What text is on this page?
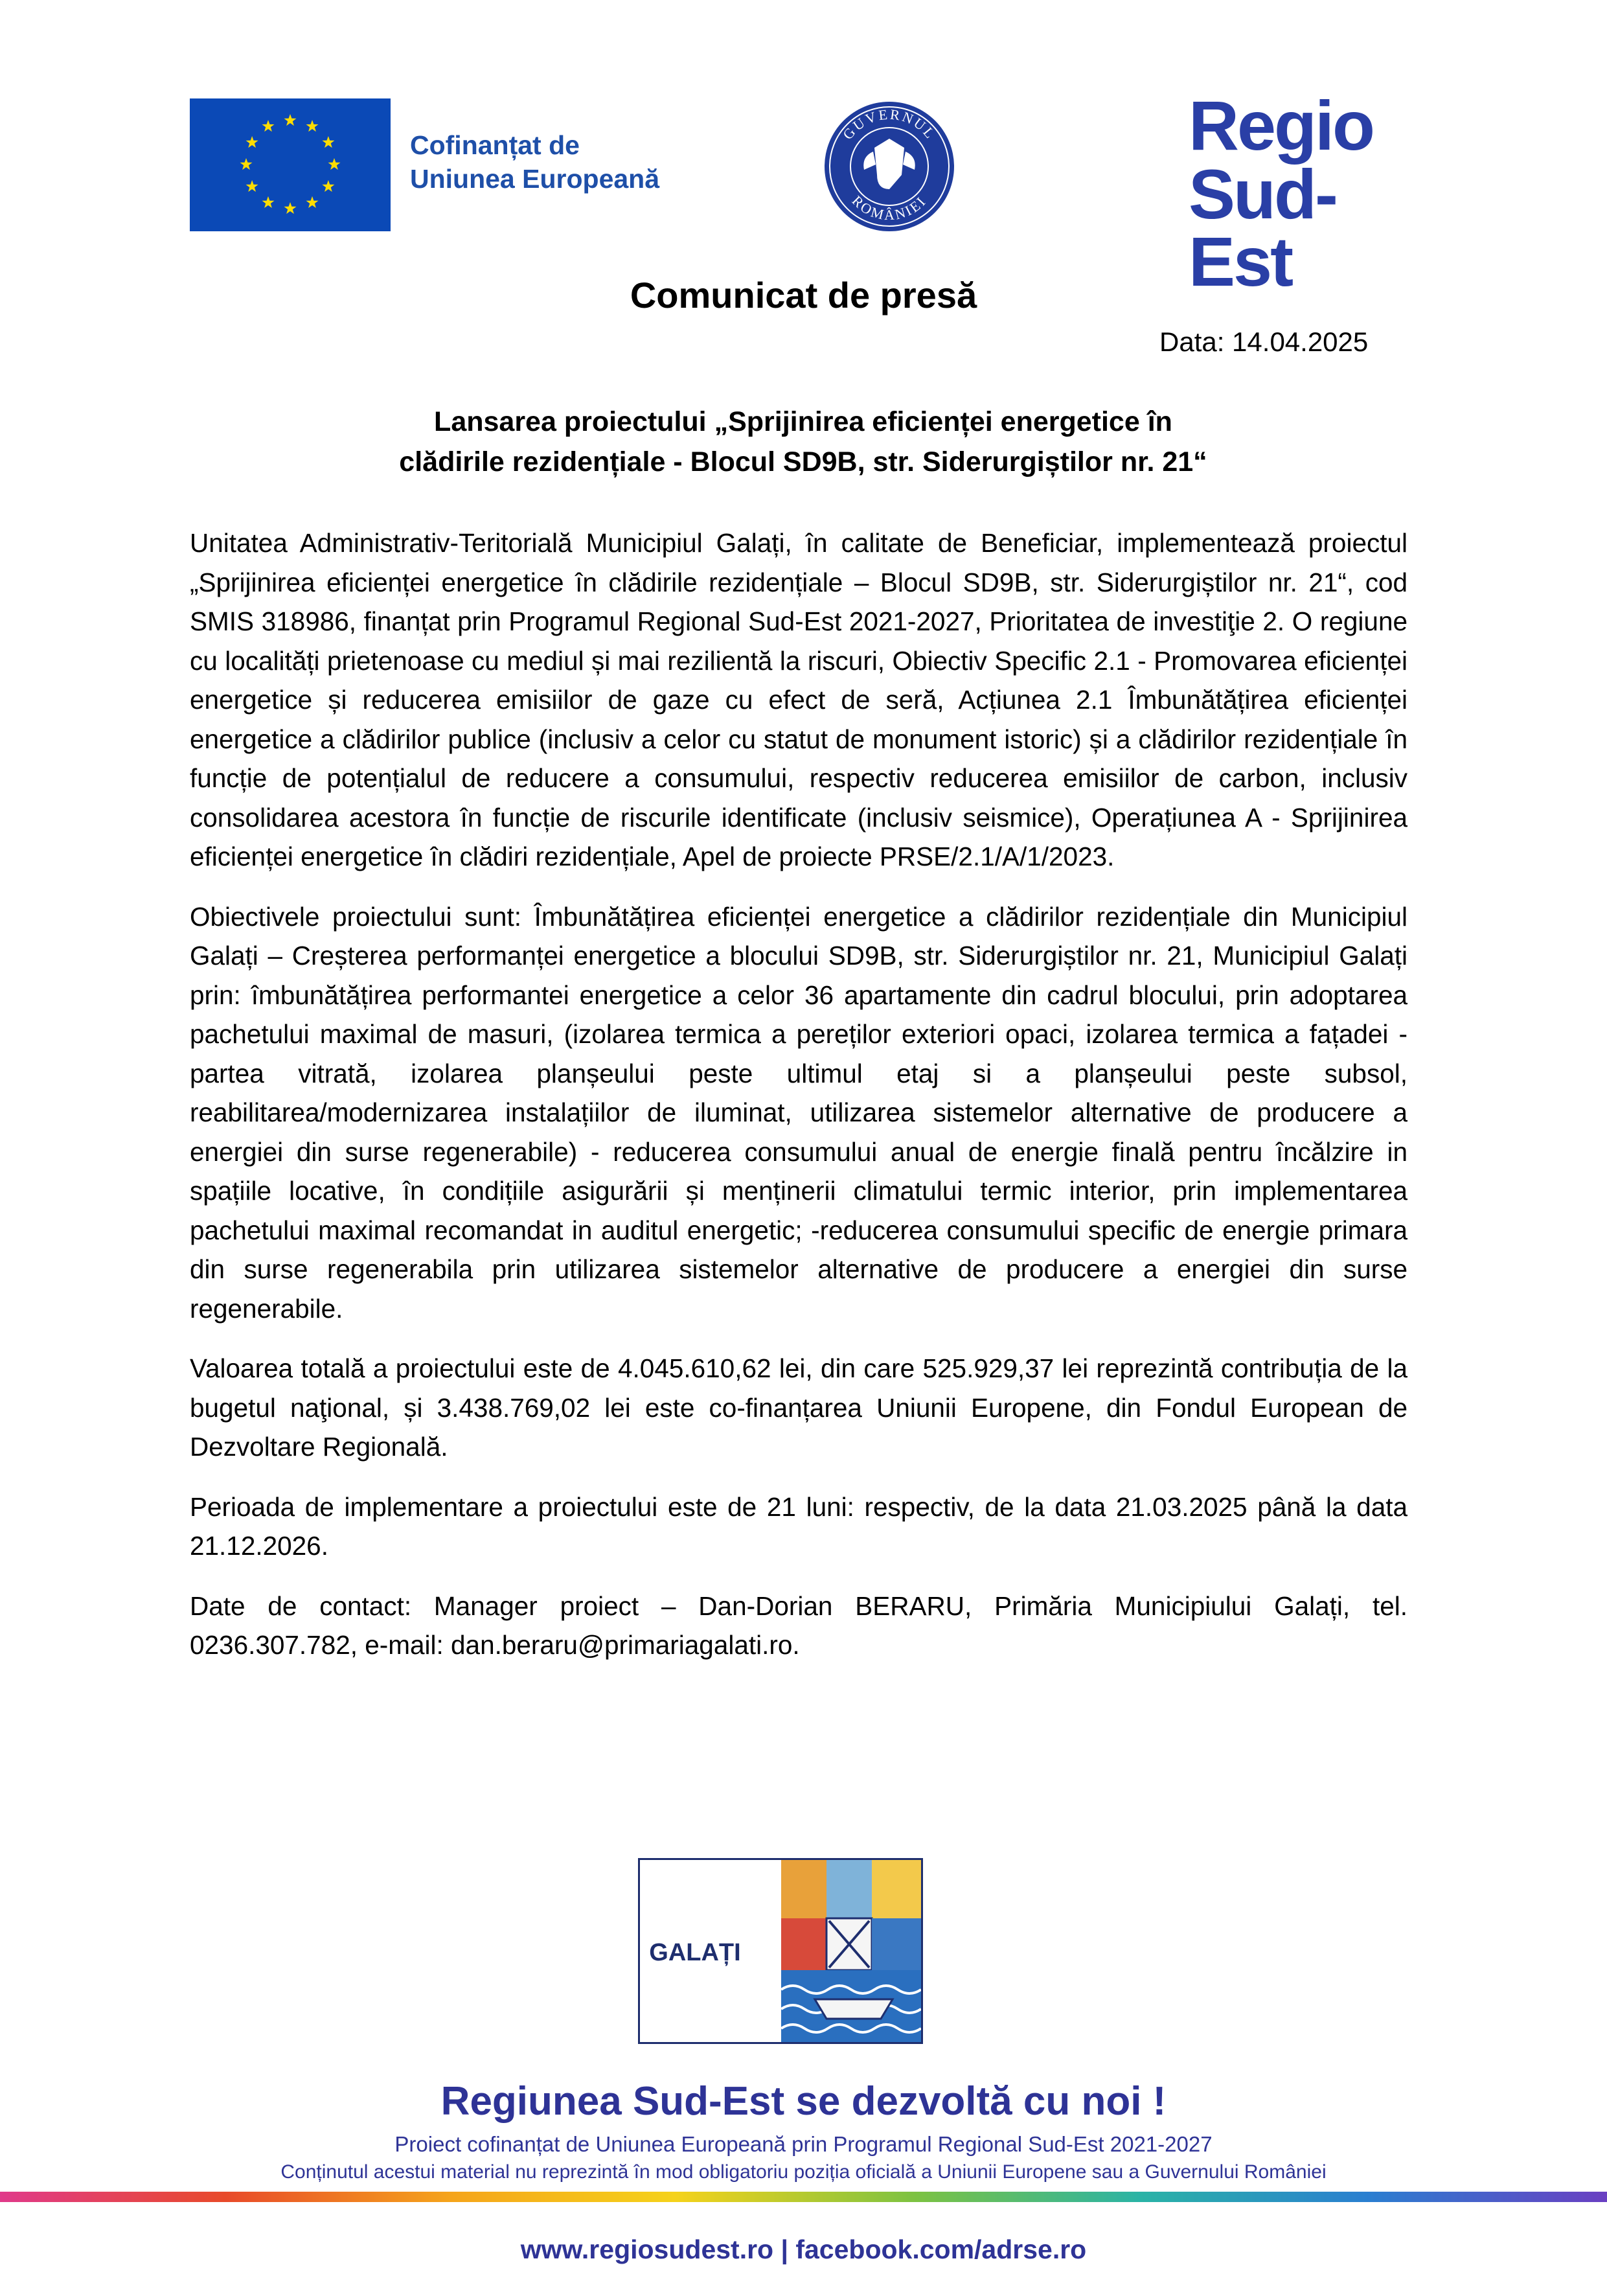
Cofinanțat de
Uniunea Europeană
GUVERNUL
ROMÂNIEI
Regio
Sud-Est
Comunicat de presă
Data: 14.04.2025
Lansarea proiectului „Sprijinirea eficienței energetice în
clădirile rezidențiale - Blocul SD9B, str. Siderurgiștilor nr. 21“

Unitatea Administrativ-Teritorială Municipiul Galați, în calitate de Beneficiar, implementează proiectul „Sprijinirea eficienței energetice în clădirile rezidențiale – Blocul SD9B, str. Siderurgiștilor nr. 21“, cod SMIS 318986, finanțat prin Programul Regional Sud-Est 2021-2027, Prioritatea de investiţie 2. O regiune cu localități prietenoase cu mediul și mai rezilientă la riscuri, Obiectiv Specific 2.1 - Promovarea eficienței energetice și reducerea emisiilor de gaze cu efect de seră, Acțiunea 2.1 Îmbunătățirea eficienței energetice a clădirilor publice (inclusiv a celor cu statut de monument istoric) și a clădirilor rezidențiale în funcție de potențialul de reducere a consumului, respectiv reducerea emisiilor de carbon, inclusiv consolidarea acestora în funcție de riscurile identificate (inclusiv seismice), Operațiunea A - Sprijinirea eficienței energetice în clădiri rezidențiale, Apel de proiecte PRSE/2.1/A/1/2023.

Obiectivele proiectului sunt: Îmbunătățirea eficienței energetice a clădirilor rezidențiale din Municipiul Galați – Creșterea performanței energetice a blocului SD9B, str. Siderurgiștilor nr. 21, Municipiul Galați prin: îmbunătățirea performantei energetice a celor 36 apartamente din cadrul blocului, prin adoptarea pachetului maximal de masuri, (izolarea termica a pereților exteriori opaci, izolarea termica a fațadei - partea vitrată, izolarea planșeului peste ultimul etaj si a planșeului peste subsol, reabilitarea/modernizarea instalațiilor de iluminat, utilizarea sistemelor alternative de producere a energiei din surse regenerabile) - reducerea consumului anual de energie finală pentru încălzire in spațiile locative, în condițiile asigurării și menținerii climatului termic interior, prin implementarea pachetului maximal recomandat in auditul energetic; -reducerea consumului specific de energie primara din surse regenerabila prin utilizarea sistemelor alternative de producere a energiei din surse regenerabile.

Valoarea totală a proiectului este de 4.045.610,62 lei, din care 525.929,37 lei reprezintă contribuția de la bugetul naţional, și 3.438.769,02 lei este co-finanțarea Uniunii Europene, din Fondul European de Dezvoltare Regională.

Perioada de implementare a proiectului este de 21 luni: respectiv, de la data 21.03.2025 până la data 21.12.2026.

Date de contact: Manager proiect – Dan-Dorian BERARU, Primăria Municipiului Galați, tel. 0236.307.782, e-mail: dan.beraru@primariagalati.ro.

GALAȚI
Regiunea Sud-Est se dezvoltă cu noi !
Proiect cofinanțat de Uniunea Europeană prin Programul Regional Sud-Est 2021-2027
Conținutul acestui material nu reprezintă în mod obligatoriu poziția oficială a Uniunii Europene sau a Guvernului României
www.regiosudest.ro | facebook.com/adrse.ro
